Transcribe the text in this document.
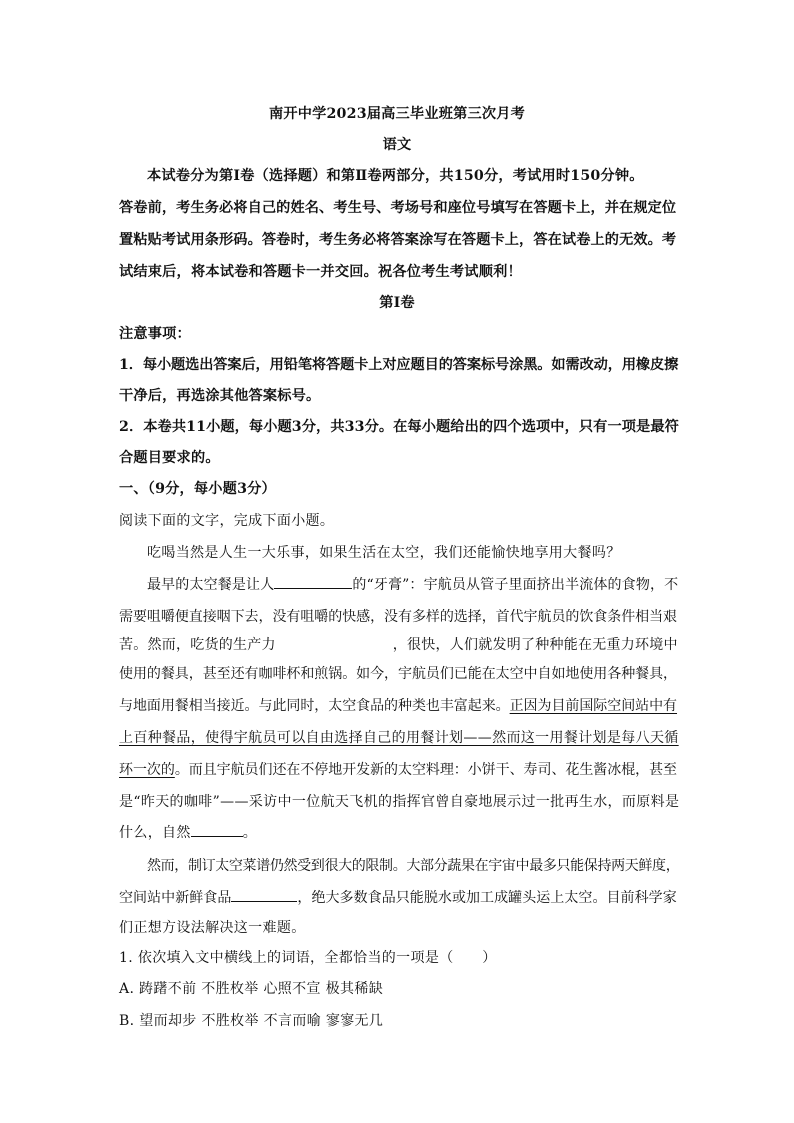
南开中学2023届高三毕业班第三次月考
语文
本试卷分为第Ⅰ卷（选择题）和第Ⅱ卷两部分，共150分，考试用时150分钟。
答卷前，考生务必将自己的姓名、考生号、考场号和座位号填写在答题卡上，并在规定位
置粘贴考试用条形码。答卷时，考生务必将答案涂写在答题卡上，答在试卷上的无效。考
试结束后，将本试卷和答题卡一并交回。祝各位考生考试顺利！
第Ⅰ卷
注意事项：
1．每小题选出答案后，用铅笔将答题卡上对应题目的答案标号涂黑。如需改动，用橡皮擦
干净后，再选涂其他答案标号。
2．本卷共11小题，每小题3分，共33分。在每小题给出的四个选项中，只有一项是最符
合题目要求的。
一、（9分，每小题3分）
阅读下面的文字，完成下面小题。
吃喝当然是人生一大乐事，如果生活在太空，我们还能愉快地享用大餐吗？
最早的太空餐是让人	的“牙膏”：宇航员从管子里面挤出半流体的食物，不
需要咀嚼便直接咽下去，没有咀嚼的快感，没有多样的选择，首代宇航员的饮食条件相当艰
苦。然而，吃货的生产力	，很快，人们就发明了种种能在无重力环境中
使用的餐具，甚至还有咖啡杯和煎锅。如今，宇航员们已能在太空中自如地使用各种餐具，
与地面用餐相当接近。与此同时，太空食品的种类也丰富起来。正因为目前国际空间站中有
上百种餐品，使得宇航员可以自由选择自己的用餐计划——然而这一用餐计划是每八天循
环一次的。而且宇航员们还在不停地开发新的太空料理：小饼干、寿司、花生酱冰棍，甚至
是“昨天的咖啡”——采访中一位航天飞机的指挥官曾自豪地展示过一批再生水，而原料是
什么，自然	。
然而，制订太空菜谱仍然受到很大的限制。大部分蔬果在宇宙中最多只能保持两天鲜度，
空间站中新鲜食品	，绝大多数食品只能脱水或加工成罐头运上太空。目前科学家
们正想方设法解决这一难题。
1. 依次填入文中横线上的词语，全都恰当的一项是（　　）
A. 踌躇不前 不胜枚举 心照不宣 极其稀缺
B. 望而却步 不胜枚举 不言而喻 寥寥无几
